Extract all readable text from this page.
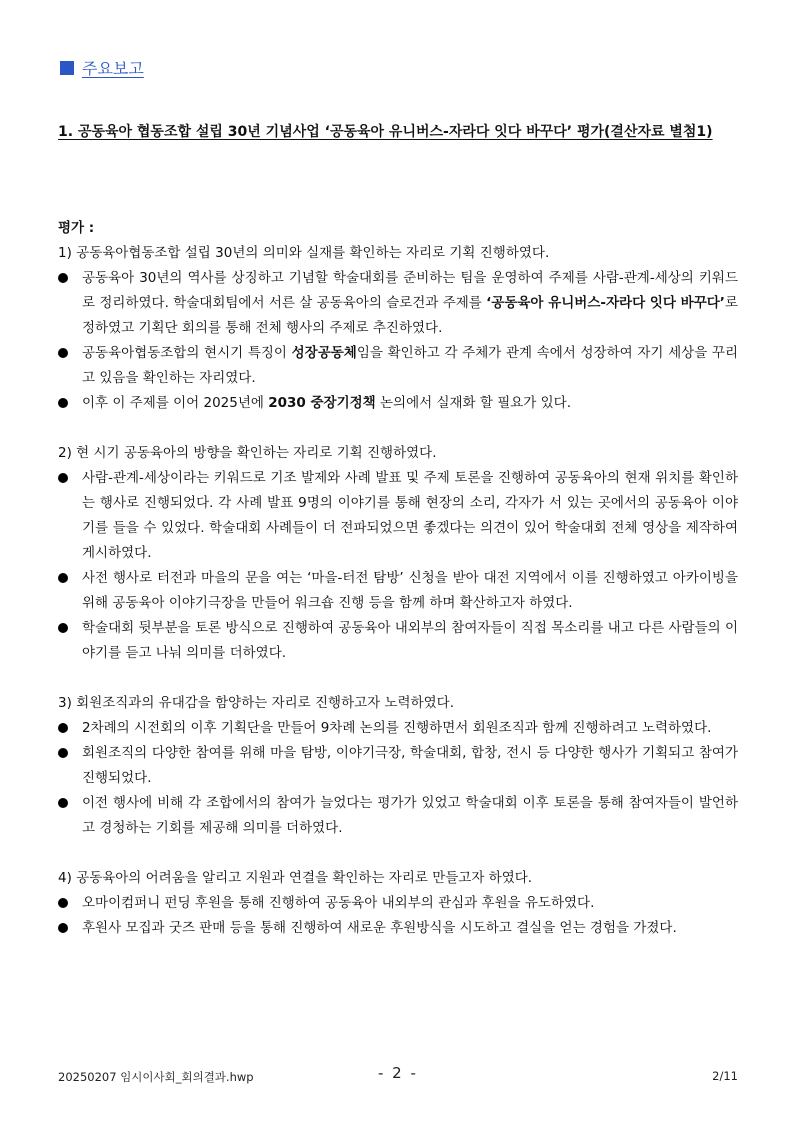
주요보고
1. 공동육아 협동조합 설립 30년 기념사업 ‘공동육아 유니버스-자라다 잇다 바꾸다’ 평가(결산자료 별첨1)

평가 :

1) 공동육아협동조합 설립 30년의 의미와 실재를 확인하는 자리로 기획 진행하였다.

공동육아 30년의 역사를 상징하고 기념할 학술대회를 준비하는 팀을 운영하여 주제를 사람-관계-세상의 키워드로 정리하였다. 학술대회팀에서 서른 살 공동육아의 슬로건과 주제를 ‘공동육아 유니버스-자라다 잇다 바꾸다’로 정하였고 기획단 회의를 통해 전체 행사의 주제로 추진하였다.
공동육아협동조합의 현시기 특징이 성장공동체임을 확인하고 각 주체가 관계 속에서 성장하여 자기 세상을 꾸리고 있음을 확인하는 자리였다.
이후 이 주제를 이어 2025년에 2030 중장기정책 논의에서 실재화 할 필요가 있다.

2) 현 시기 공동육아의 방향을 확인하는 자리로 기획 진행하였다.

사람-관계-세상이라는 키워드로 기조 발제와 사례 발표 및 주제 토론을 진행하여 공동육아의 현재 위치를 확인하는 행사로 진행되었다. 각 사례 발표 9명의 이야기를 통해 현장의 소리, 각자가 서 있는 곳에서의 공동육아 이야기를 들을 수 있었다. 학술대회 사례들이 더 전파되었으면 좋겠다는 의견이 있어 학술대회 전체 영상을 제작하여 게시하였다.
사전 행사로 터전과 마을의 문을 여는 ‘마을-터전 탐방’ 신청을 받아 대전 지역에서 이를 진행하였고 아카이빙을 위해 공동육아 이야기극장을 만들어 워크숍 진행 등을 함께 하며 확산하고자 하였다.
학술대회 뒷부분을 토론 방식으로 진행하여 공동육아 내외부의 참여자들이 직접 목소리를 내고 다른 사람들의 이야기를 듣고 나눠 의미를 더하였다.

3) 회원조직과의 유대감을 함양하는 자리로 진행하고자 노력하였다.

2차례의 시전회의 이후 기획단을 만들어 9차례 논의를 진행하면서 회원조직과 함께 진행하려고 노력하였다.
회원조직의 다양한 참여를 위해 마을 탐방, 이야기극장, 학술대회, 합창, 전시 등 다양한 행사가 기획되고 참여가 진행되었다.
이전 행사에 비해 각 조합에서의 참여가 늘었다는 평가가 있었고 학술대회 이후 토론을 통해 참여자들이 발언하고 경청하는 기회를 제공해 의미를 더하였다.

4) 공동육아의 어려움을 알리고 지원과 연결을 확인하는 자리로 만들고자 하였다.

오마이컴퍼니 펀딩 후원을 통해 진행하여 공동육아 내외부의 관심과 후원을 유도하였다.
후원사 모집과 굿즈 판매 등을 통해 진행하여 새로운 후원방식을 시도하고 결실을 얻는 경험을 가졌다.
20250207 임시이사회_회의결과.hwp	- 2 -	2/11
